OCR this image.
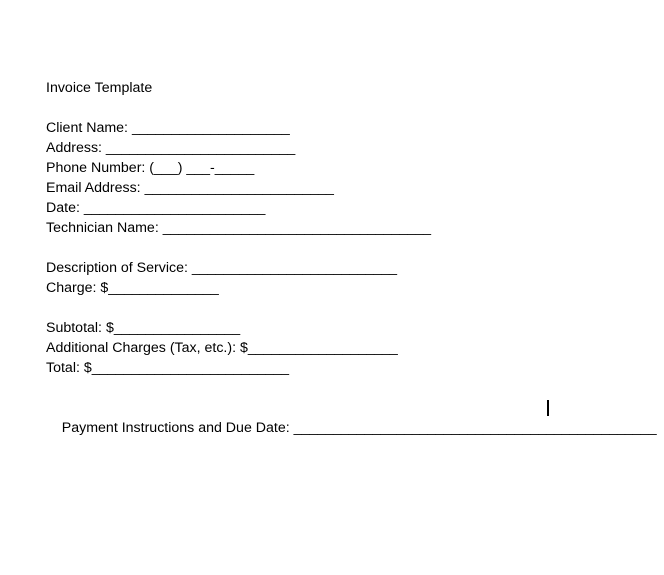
Invoice Template
Client Name: ____________________
Address: ________________________
Phone Number: (___) ___-_____
Email Address: ________________________
Date: _______________________
Technician Name: __________________________________
Description of Service: __________________________
Charge: $______________
Subtotal: $________________
Additional Charges (Tax, etc.): $___________________
Total: $_________________________

Payment Instructions and Due Date: ______________________________________________
